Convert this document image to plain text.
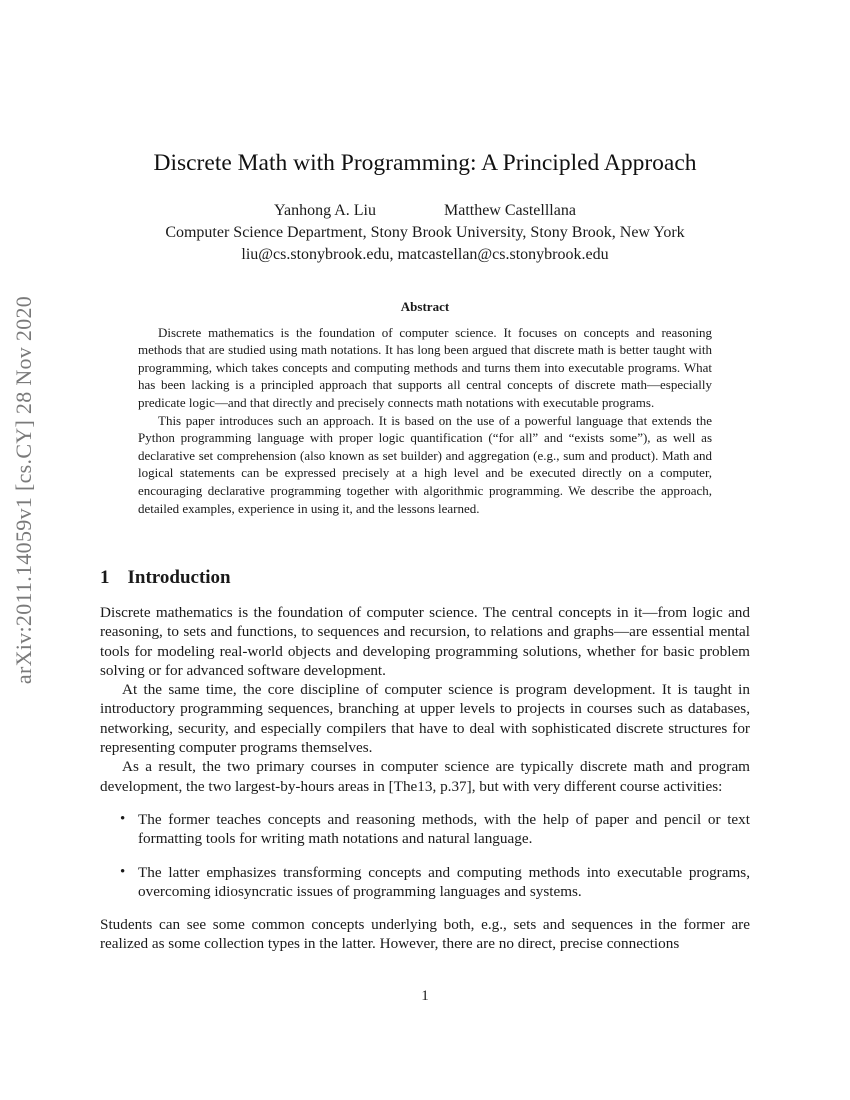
arXiv:2011.14059v1 [cs.CY] 28 Nov 2020
Discrete Math with Programming: A Principled Approach
Yanhong A. Liu	Matthew Castelllana
Computer Science Department, Stony Brook University, Stony Brook, New York
liu@cs.stonybrook.edu, matcastellan@cs.stonybrook.edu
Abstract

Discrete mathematics is the foundation of computer science. It focuses on concepts and reasoning methods that are studied using math notations. It has long been argued that discrete math is better taught with programming, which takes concepts and computing methods and turns them into executable programs. What has been lacking is a principled approach that supports all central concepts of discrete math—especially predicate logic—and that directly and precisely connects math notations with executable programs.

This paper introduces such an approach. It is based on the use of a powerful language that extends the Python programming language with proper logic quantification (“for all” and “exists some”), as well as declarative set comprehension (also known as set builder) and aggregation (e.g., sum and product). Math and logical statements can be expressed precisely at a high level and be executed directly on a computer, encouraging declarative programming together with algorithmic programming. We describe the approach, detailed examples, experience in using it, and the lessons learned.

1 Introduction

Discrete mathematics is the foundation of computer science. The central concepts in it—from logic and reasoning, to sets and functions, to sequences and recursion, to relations and graphs—are essential mental tools for modeling real-world objects and developing programming solutions, whether for basic problem solving or for advanced software development.

At the same time, the core discipline of computer science is program development. It is taught in introductory programming sequences, branching at upper levels to projects in courses such as databases, networking, security, and especially compilers that have to deal with sophisticated discrete structures for representing computer programs themselves.

As a result, the two primary courses in computer science are typically discrete math and program development, the two largest-by-hours areas in [The13, p.37], but with very different course activities:

• The former teaches concepts and reasoning methods, with the help of paper and pencil or text formatting tools for writing math notations and natural language.
• The latter emphasizes transforming concepts and computing methods into executable programs, overcoming idiosyncratic issues of programming languages and systems.

Students can see some common concepts underlying both, e.g., sets and sequences in the former are realized as some collection types in the latter. However, there are no direct, precise connections

1
